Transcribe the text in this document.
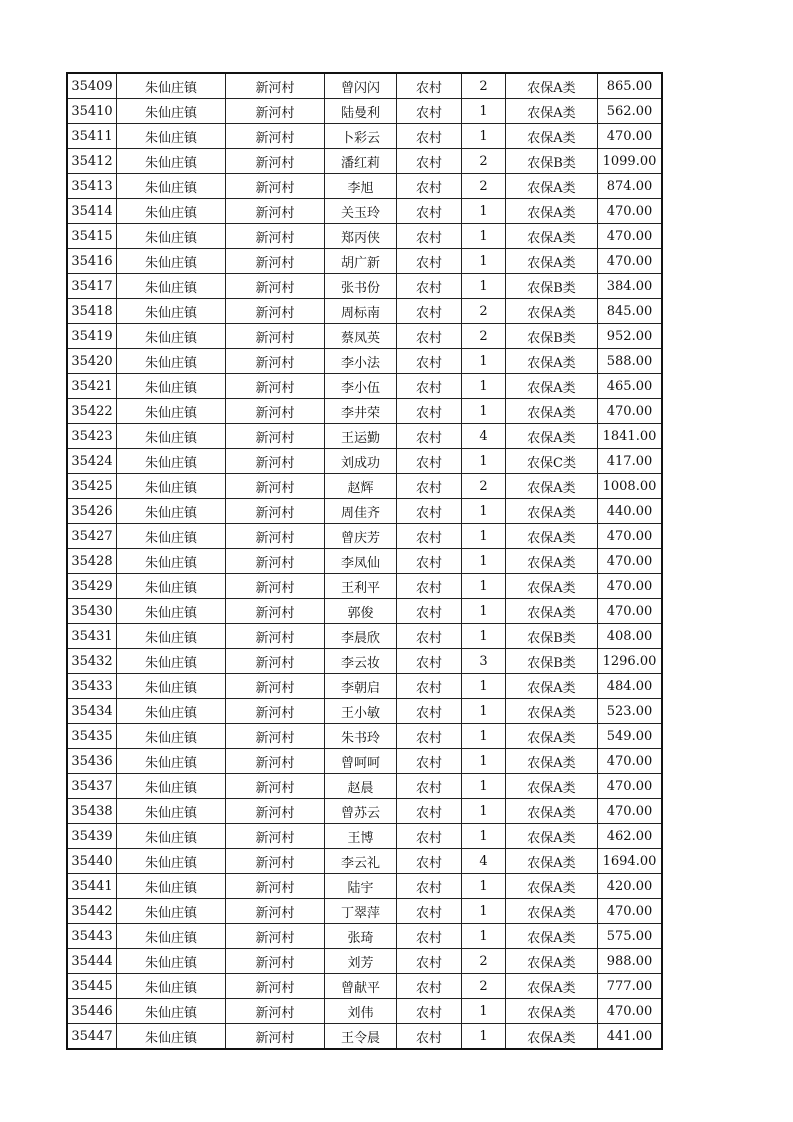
35409	朱仙庄镇	新河村	曾闪闪	农村	2	农保A类	865.00
35410	朱仙庄镇	新河村	陆曼利	农村	1	农保A类	562.00
35411	朱仙庄镇	新河村	卜彩云	农村	1	农保A类	470.00
35412	朱仙庄镇	新河村	潘红莉	农村	2	农保B类	1099.00
35413	朱仙庄镇	新河村	李旭	农村	2	农保A类	874.00
35414	朱仙庄镇	新河村	关玉玲	农村	1	农保A类	470.00
35415	朱仙庄镇	新河村	郑丙侠	农村	1	农保A类	470.00
35416	朱仙庄镇	新河村	胡广新	农村	1	农保A类	470.00
35417	朱仙庄镇	新河村	张书份	农村	1	农保B类	384.00
35418	朱仙庄镇	新河村	周标南	农村	2	农保A类	845.00
35419	朱仙庄镇	新河村	蔡凤英	农村	2	农保B类	952.00
35420	朱仙庄镇	新河村	李小法	农村	1	农保A类	588.00
35421	朱仙庄镇	新河村	李小伍	农村	1	农保A类	465.00
35422	朱仙庄镇	新河村	李井荣	农村	1	农保A类	470.00
35423	朱仙庄镇	新河村	王运勤	农村	4	农保A类	1841.00
35424	朱仙庄镇	新河村	刘成功	农村	1	农保C类	417.00
35425	朱仙庄镇	新河村	赵辉	农村	2	农保A类	1008.00
35426	朱仙庄镇	新河村	周佳齐	农村	1	农保A类	440.00
35427	朱仙庄镇	新河村	曾庆芳	农村	1	农保A类	470.00
35428	朱仙庄镇	新河村	李凤仙	农村	1	农保A类	470.00
35429	朱仙庄镇	新河村	王利平	农村	1	农保A类	470.00
35430	朱仙庄镇	新河村	郭俊	农村	1	农保A类	470.00
35431	朱仙庄镇	新河村	李晨欣	农村	1	农保B类	408.00
35432	朱仙庄镇	新河村	李云妆	农村	3	农保B类	1296.00
35433	朱仙庄镇	新河村	李朝启	农村	1	农保A类	484.00
35434	朱仙庄镇	新河村	王小敏	农村	1	农保A类	523.00
35435	朱仙庄镇	新河村	朱书玲	农村	1	农保A类	549.00
35436	朱仙庄镇	新河村	曾呵呵	农村	1	农保A类	470.00
35437	朱仙庄镇	新河村	赵晨	农村	1	农保A类	470.00
35438	朱仙庄镇	新河村	曾苏云	农村	1	农保A类	470.00
35439	朱仙庄镇	新河村	王博	农村	1	农保A类	462.00
35440	朱仙庄镇	新河村	李云礼	农村	4	农保A类	1694.00
35441	朱仙庄镇	新河村	陆宇	农村	1	农保A类	420.00
35442	朱仙庄镇	新河村	丁翠萍	农村	1	农保A类	470.00
35443	朱仙庄镇	新河村	张琦	农村	1	农保A类	575.00
35444	朱仙庄镇	新河村	刘芳	农村	2	农保A类	988.00
35445	朱仙庄镇	新河村	曾献平	农村	2	农保A类	777.00
35446	朱仙庄镇	新河村	刘伟	农村	1	农保A类	470.00
35447	朱仙庄镇	新河村	王令晨	农村	1	农保A类	441.00
